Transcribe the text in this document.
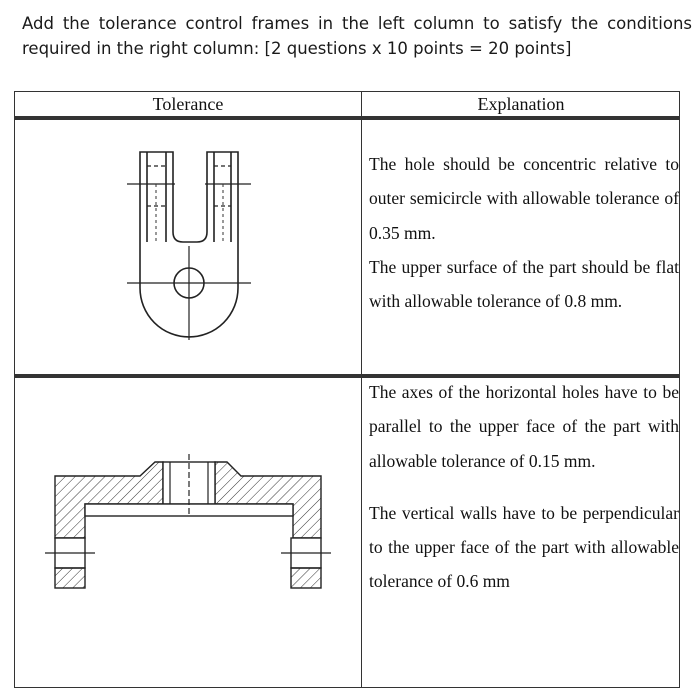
Add the tolerance control frames in the left column to satisfy the conditions required in the right column: [2 questions x 10 points = 20 points]
Tolerance	Explanation

The hole should be concentric relative to outer semicircle with allowable tolerance of 0.35 mm.

The upper surface of the part should be flat with allowable tolerance of 0.8 mm.

The axes of the horizontal holes have to be parallel to the upper face of the part with allowable tolerance of 0.15 mm.

The vertical walls have to be perpendicular to the upper face of the part with allowable tolerance of 0.6 mm
